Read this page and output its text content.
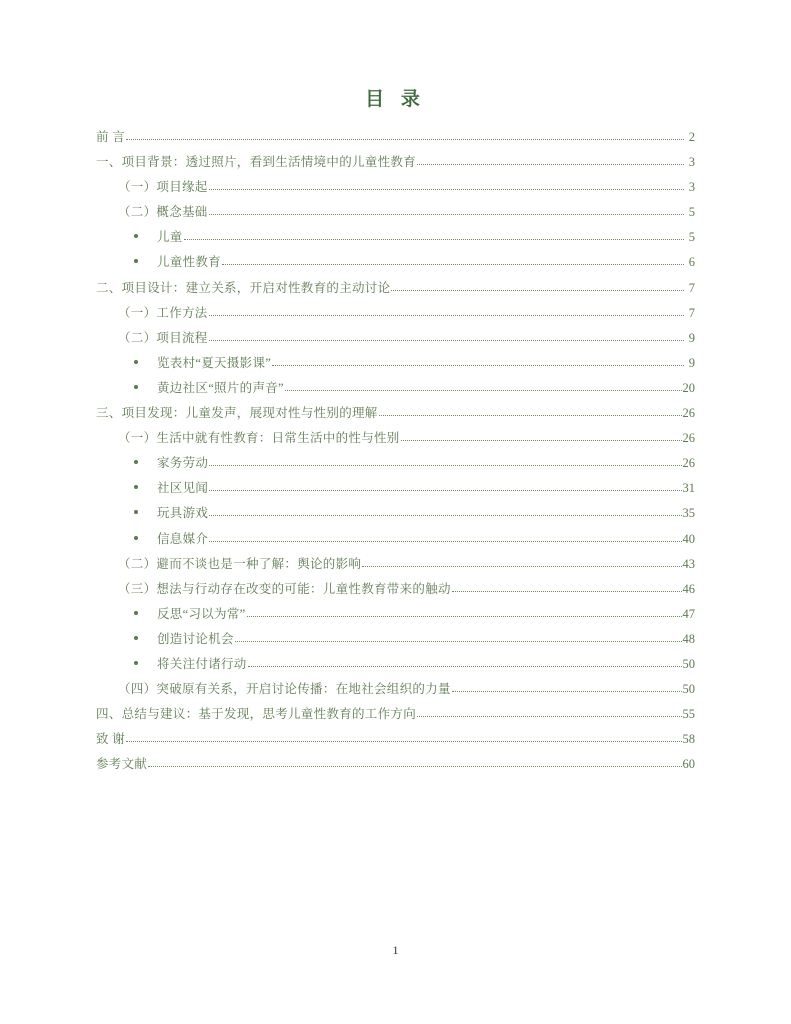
目 录
前 言	2
一、项目背景：透过照片，看到生活情境中的儿童性教育	3
（一）项目缘起	3
（二）概念基础	5
儿童	5
儿童性教育	6
二、项目设计：建立关系，开启对性教育的主动讨论	7
（一）工作方法	7
（二）项目流程	9
览表村“夏天摄影课”	9
黄边社区“照片的声音”	20
三、项目发现：儿童发声，展现对性与性别的理解	26
（一）生活中就有性教育：日常生活中的性与性别	26
家务劳动	26
社区见闻	31
玩具游戏	35
信息媒介	40
（二）避而不谈也是一种了解：舆论的影响	43
（三）想法与行动存在改变的可能：儿童性教育带来的触动	46
反思“习以为常”	47
创造讨论机会	48
将关注付诸行动	50
（四）突破原有关系，开启讨论传播：在地社会组织的力量	50
四、总结与建议：基于发现，思考儿童性教育的工作方向	55
致 谢	58
参考文献	60
1
